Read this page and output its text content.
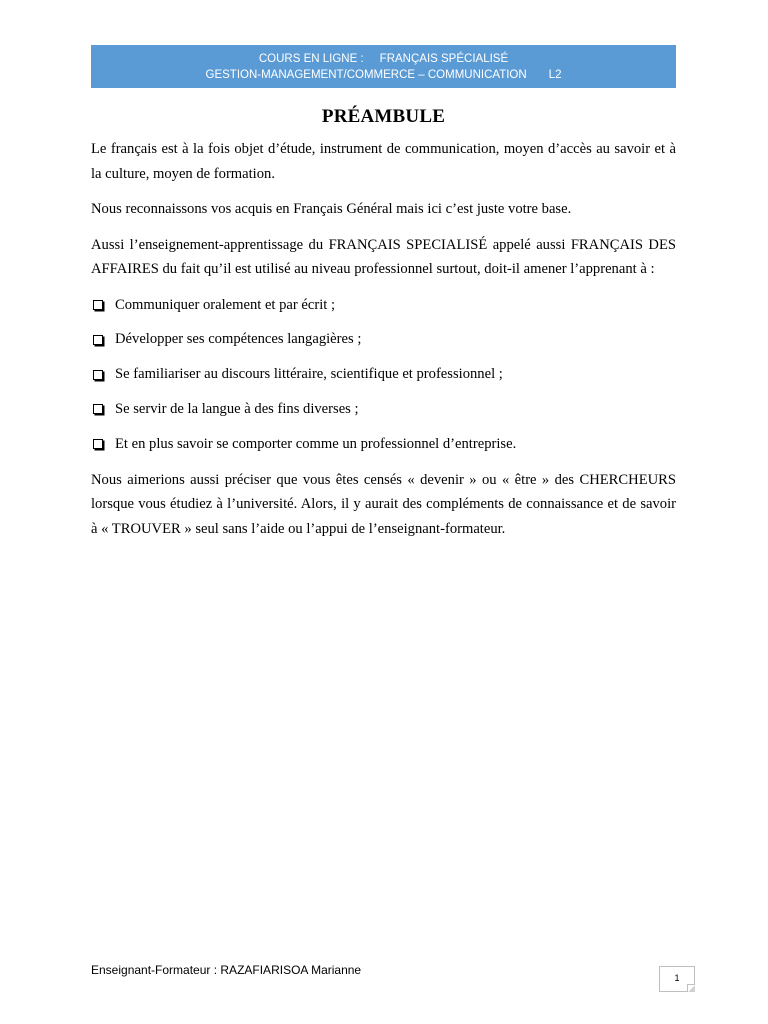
COURS EN LIGNE : FRANÇAIS SPÉCIALISÉ
GESTION-MANAGEMENT/COMMERCE – COMMUNICATION L2
PRÉAMBULE

Le français est à la fois objet d’étude, instrument de communication, moyen d’accès au savoir et à la culture, moyen de formation.

Nous reconnaissons vos acquis en Français Général mais ici c’est juste votre base.

Aussi l’enseignement-apprentissage du FRANÇAIS SPECIALISÉ appelé aussi FRANÇAIS DES AFFAIRES du fait qu’il est utilisé au niveau professionnel surtout, doit-il amener l’apprenant à :

Communiquer oralement et par écrit ;
Développer ses compétences langagières ;
Se familiariser au discours littéraire, scientifique et professionnel ;
Se servir de la langue à des fins diverses ;
Et en plus savoir se comporter comme un professionnel d’entreprise.

Nous aimerions aussi préciser que vous êtes censés « devenir » ou « être » des CHERCHEURS lorsque vous étudiez à l’université. Alors, il y aurait des compléments de connaissance et de savoir à « TROUVER » seul sans l’aide ou l’appui de l’enseignant-formateur.

Enseignant-Formateur : RAZAFIARISOA Marianne
1
